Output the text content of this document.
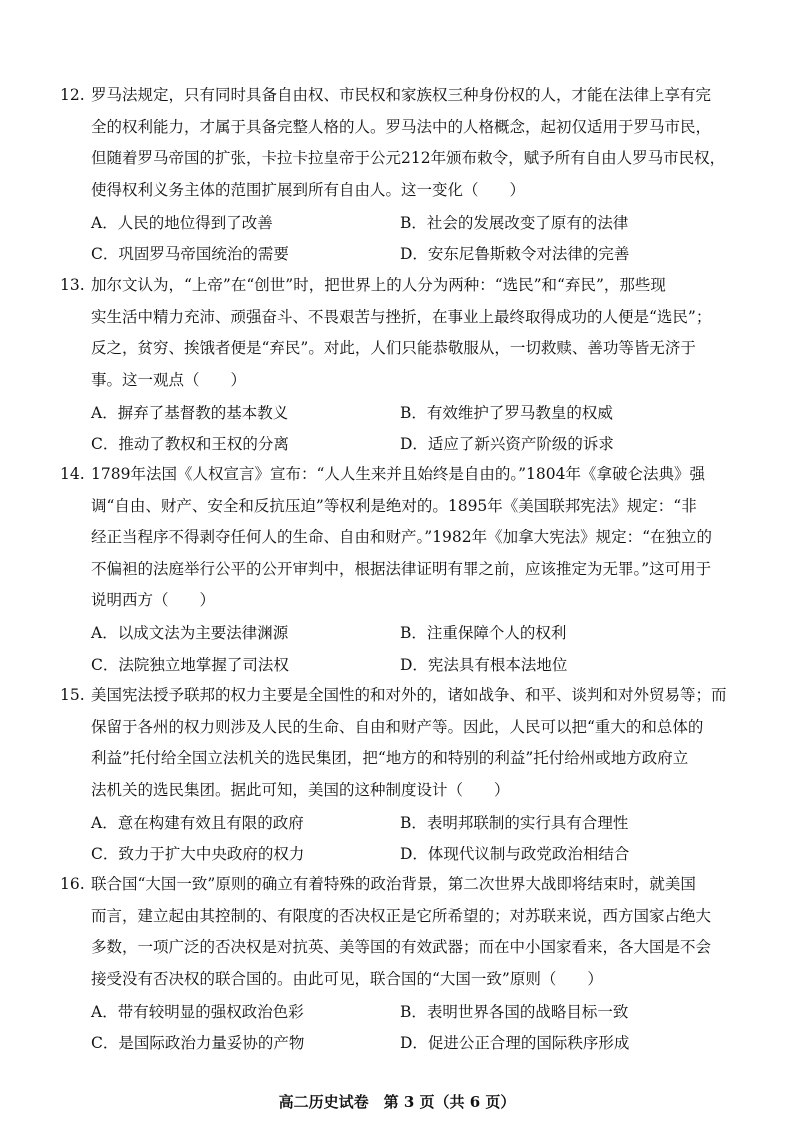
12. 罗马法规定，只有同时具备自由权、市民权和家族权三种身份权的人，才能在法律上享有完
全的权利能力，才属于具备完整人格的人。罗马法中的人格概念，起初仅适用于罗马市民，
但随着罗马帝国的扩张，卡拉卡拉皇帝于公元212年颁布敕令，赋予所有自由人罗马市民权，
使得权利义务主体的范围扩展到所有自由人。这一变化（　　）

A．人民的地位得到了改善	B．社会的发展改变了原有的法律
C．巩固罗马帝国统治的需要	D．安东尼鲁斯敕令对法律的完善

13. 加尔文认为，“上帝”在“创世”时，把世界上的人分为两种：“选民”和“弃民”，那些现
实生活中精力充沛、顽强奋斗、不畏艰苦与挫折，在事业上最终取得成功的人便是“选民”；
反之，贫穷、挨饿者便是“弃民”。对此，人们只能恭敬服从，一切救赎、善功等皆无济于
事。这一观点（　　）

A．摒弃了基督教的基本教义	B．有效维护了罗马教皇的权威
C．推动了教权和王权的分离	D．适应了新兴资产阶级的诉求

14. 1789年法国《人权宣言》宣布：“人人生来并且始终是自由的。”1804年《拿破仑法典》强
调“自由、财产、安全和反抗压迫”等权利是绝对的。1895年《美国联邦宪法》规定：“非
经正当程序不得剥夺任何人的生命、自由和财产。”1982年《加拿大宪法》规定：“在独立的
不偏袒的法庭举行公平的公开审判中，根据法律证明有罪之前，应该推定为无罪。”这可用于
说明西方（　　）

A．以成文法为主要法律渊源	B．注重保障个人的权利
C．法院独立地掌握了司法权	D．宪法具有根本法地位

15. 美国宪法授予联邦的权力主要是全国性的和对外的，诸如战争、和平、谈判和对外贸易等；而
保留于各州的权力则涉及人民的生命、自由和财产等。因此，人民可以把“重大的和总体的
利益”托付给全国立法机关的选民集团，把“地方的和特别的利益”托付给州或地方政府立
法机关的选民集团。据此可知，美国的这种制度设计（　　）

A．意在构建有效且有限的政府	B．表明邦联制的实行具有合理性
C．致力于扩大中央政府的权力	D．体现代议制与政党政治相结合

16. 联合国“大国一致”原则的确立有着特殊的政治背景，第二次世界大战即将结束时，就美国
而言，建立起由其控制的、有限度的否决权正是它所希望的；对苏联来说，西方国家占绝大
多数，一项广泛的否决权是对抗英、美等国的有效武器；而在中小国家看来，各大国是不会
接受没有否决权的联合国的。由此可见，联合国的“大国一致”原则（　　）

A．带有较明显的强权政治色彩	B．表明世界各国的战略目标一致
C．是国际政治力量妥协的产物	D．促进公正合理的国际秩序形成
高二历史试卷　第 3 页（共 6 页）
